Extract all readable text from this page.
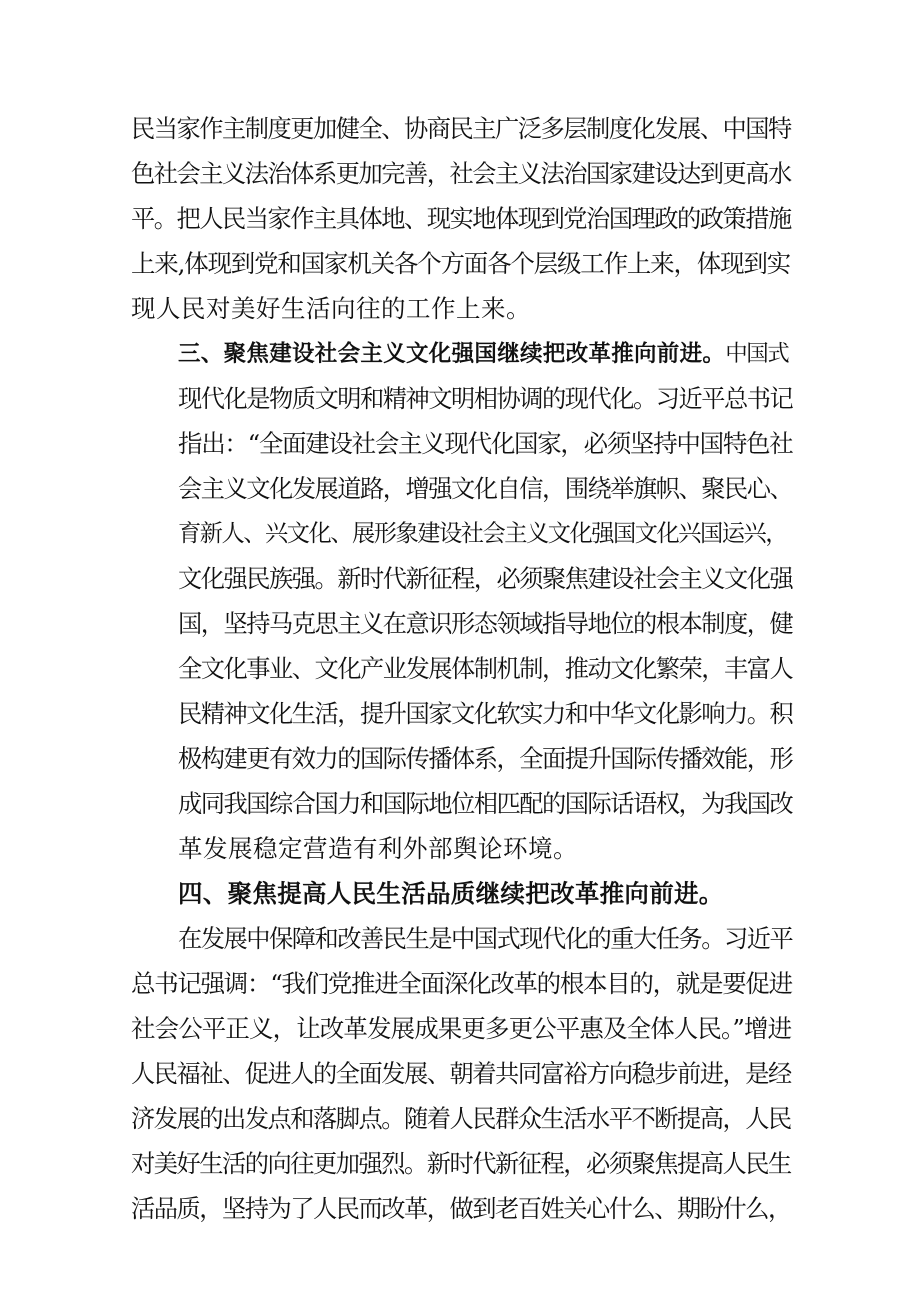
民当家作主制度更加健全、协商民主广泛多层制度化发展、中国特
色社会主义法治体系更加完善，社会主义法治国家建设达到更高水
平。把人民当家作主具体地、现实地体现到党治国理政的政策措施
上来,体现到党和国家机关各个方面各个层级工作上来，体现到实
现人民对美好生活向往的工作上来。
三、聚焦建设社会主义文化强国继续把改革推向前进。中国式
现代化是物质文明和精神文明相协调的现代化。习近平总书记
指出：“全面建设社会主义现代化国家，必须坚持中国特色社
会主义文化发展道路，增强文化自信，围绕举旗帜、聚民心、
育新人、兴文化、展形象建设社会主义文化强国文化兴国运兴，
文化强民族强。新时代新征程，必须聚焦建设社会主义文化强
国，坚持马克思主义在意识形态领域指导地位的根本制度，健
全文化事业、文化产业发展体制机制，推动文化繁荣，丰富人
民精神文化生活，提升国家文化软实力和中华文化影响力。积
极构建更有效力的国际传播体系，全面提升国际传播效能，形
成同我国综合国力和国际地位相匹配的国际话语权，为我国改
革发展稳定营造有利外部舆论环境。
四、聚焦提高人民生活品质继续把改革推向前进。
在发展中保障和改善民生是中国式现代化的重大任务。习近平
总书记强调：“我们党推进全面深化改革的根本目的，就是要促进
社会公平正义，让改革发展成果更多更公平惠及全体人民。”增进
人民福祉、促进人的全面发展、朝着共同富裕方向稳步前进，是经
济发展的出发点和落脚点。随着人民群众生活水平不断提高，人民
对美好生活的向往更加强烈。新时代新征程，必须聚焦提高人民生
活品质，坚持为了人民而改革，做到老百姓关心什么、期盼什么，
